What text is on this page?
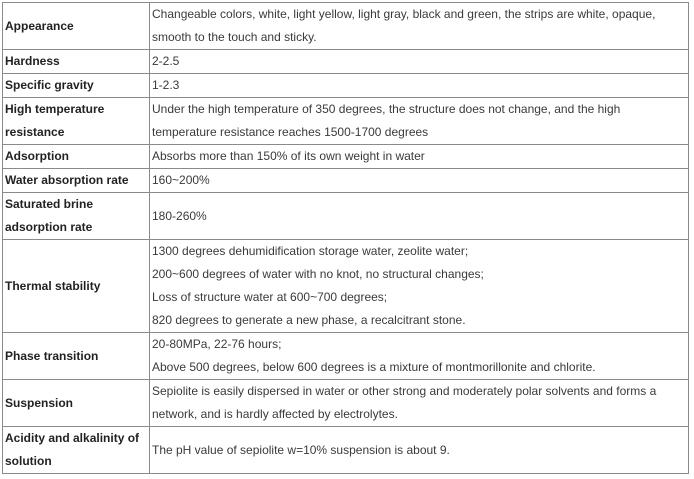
Appearance	Changeable colors, white, light yellow, light gray, black and green, the strips are white, opaque, smooth to the touch and sticky.

Hardness	2-2.5

Specific gravity	1-2.3

High temperature resistance	Under the high temperature of 350 degrees, the structure does not change, and the high temperature resistance reaches 1500-1700 degrees

Adsorption	Absorbs more than 150% of its own weight in water

Water absorption rate	160~200%

Saturated brine adsorption rate	180-260%

Thermal stability	1300 degrees dehumidification storage water, zeolite water;
200~600 degrees of water with no knot, no structural changes;
Loss of structure water at 600~700 degrees;
820 degrees to generate a new phase, a recalcitrant stone.

Phase transition	20-80MPa, 22-76 hours;
Above 500 degrees, below 600 degrees is a mixture of montmorillonite and chlorite.

Suspension	Sepiolite is easily dispersed in water or other strong and moderately polar solvents and forms a network, and is hardly affected by electrolytes.

Acidity and alkalinity of solution	The pH value of sepiolite w=10% suspension is about 9.
